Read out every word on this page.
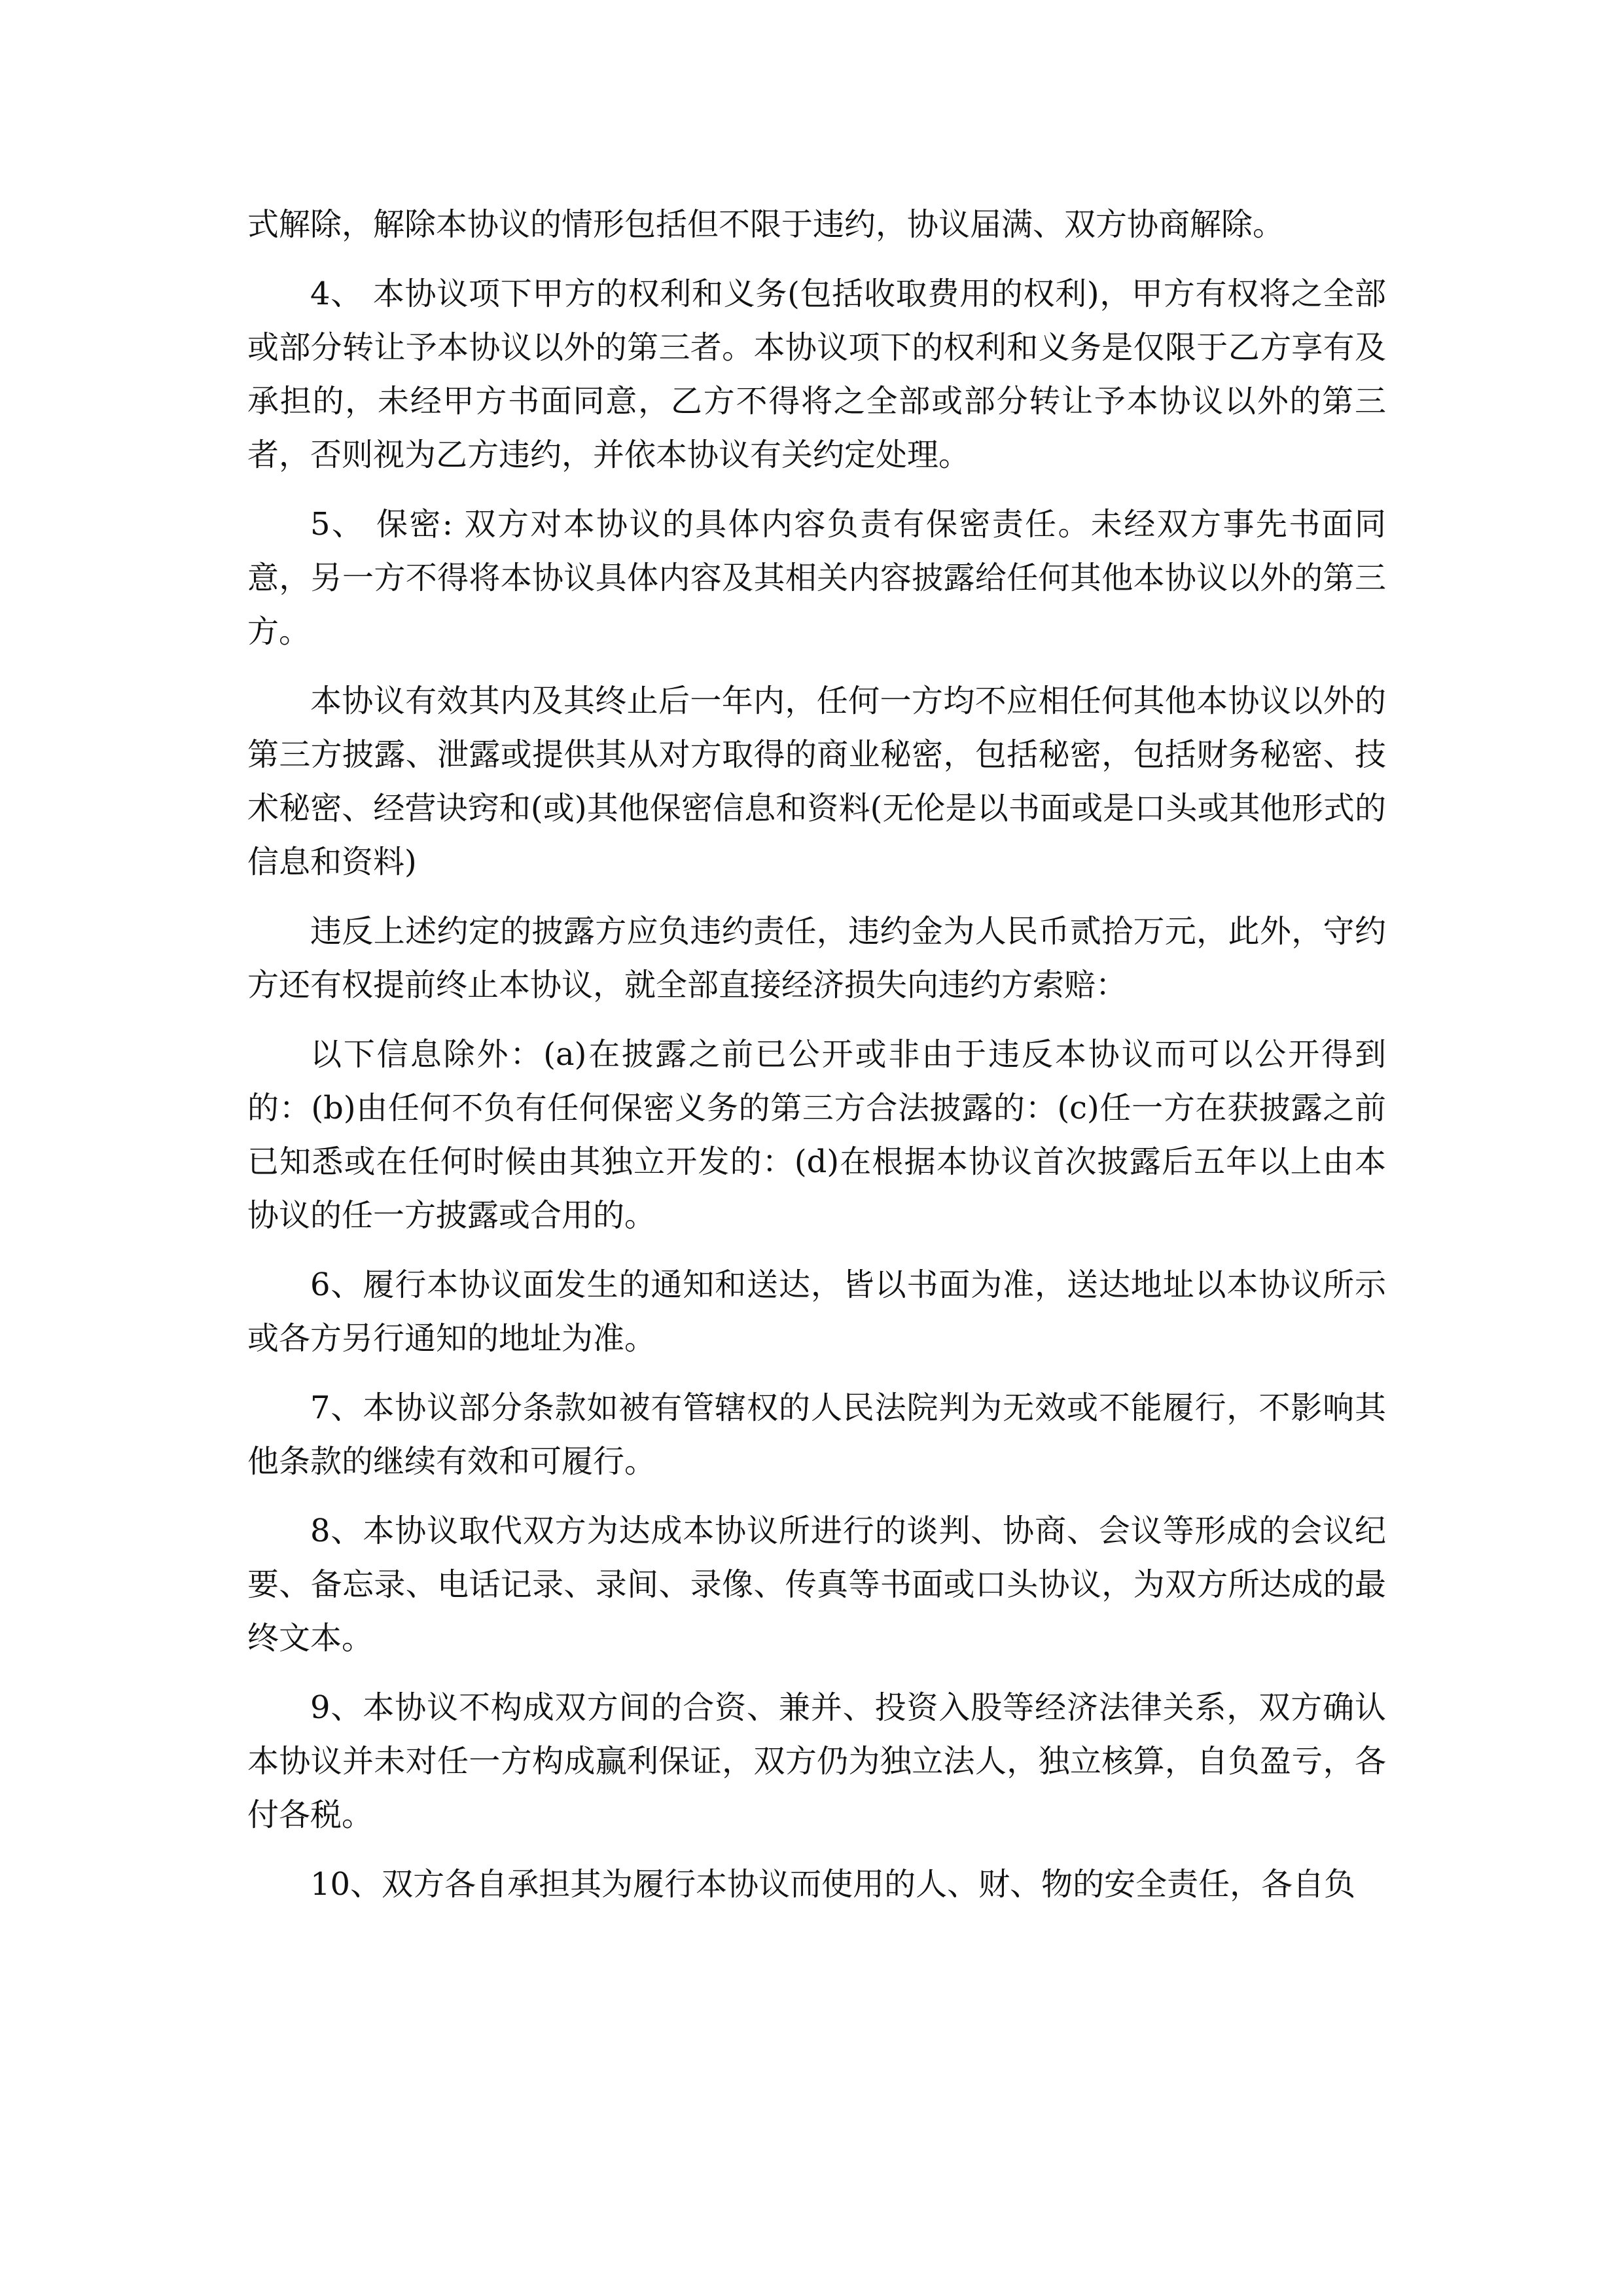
式解除，解除本协议的情形包括但不限于违约，协议届满、双方协商解除。

4、 本协议项下甲方的权利和义务(包括收取费用的权利)，甲方有权将之全部或部分转让予本协议以外的第三者。本协议项下的权利和义务是仅限于乙方享有及承担的，未经甲方书面同意，乙方不得将之全部或部分转让予本协议以外的第三者，否则视为乙方违约，并依本协议有关约定处理。

5、 保密: 双方对本协议的具体内容负责有保密责任。未经双方事先书面同意，另一方不得将本协议具体内容及其相关内容披露给任何其他本协议以外的第三方。

本协议有效其内及其终止后一年内，任何一方均不应相任何其他本协议以外的第三方披露、泄露或提供其从对方取得的商业秘密，包括秘密，包括财务秘密、技术秘密、经营诀窍和(或)其他保密信息和资料(无伦是以书面或是口头或其他形式的信息和资料)

违反上述约定的披露方应负违约责任，违约金为人民币贰拾万元，此外，守约方还有权提前终止本协议，就全部直接经济损失向违约方索赔：

以下信息除外：(a)在披露之前已公开或非由于违反本协议而可以公开得到的：(b)由任何不负有任何保密义务的第三方合法披露的：(c)任一方在获披露之前已知悉或在任何时候由其独立开发的：(d)在根据本协议首次披露后五年以上由本协议的任一方披露或合用的。

6、履行本协议面发生的通知和送达，皆以书面为准，送达地址以本协议所示或各方另行通知的地址为准。

7、本协议部分条款如被有管辖权的人民法院判为无效或不能履行，不影响其他条款的继续有效和可履行。

8、本协议取代双方为达成本协议所进行的谈判、协商、会议等形成的会议纪要、备忘录、电话记录、录间、录像、传真等书面或口头协议，为双方所达成的最终文本。

9、本协议不构成双方间的合资、兼并、投资入股等经济法律关系，双方确认本协议并未对任一方构成赢利保证，双方仍为独立法人，独立核算，自负盈亏，各付各税。

10、双方各自承担其为履行本协议而使用的人、财、物的安全责任，各自负
